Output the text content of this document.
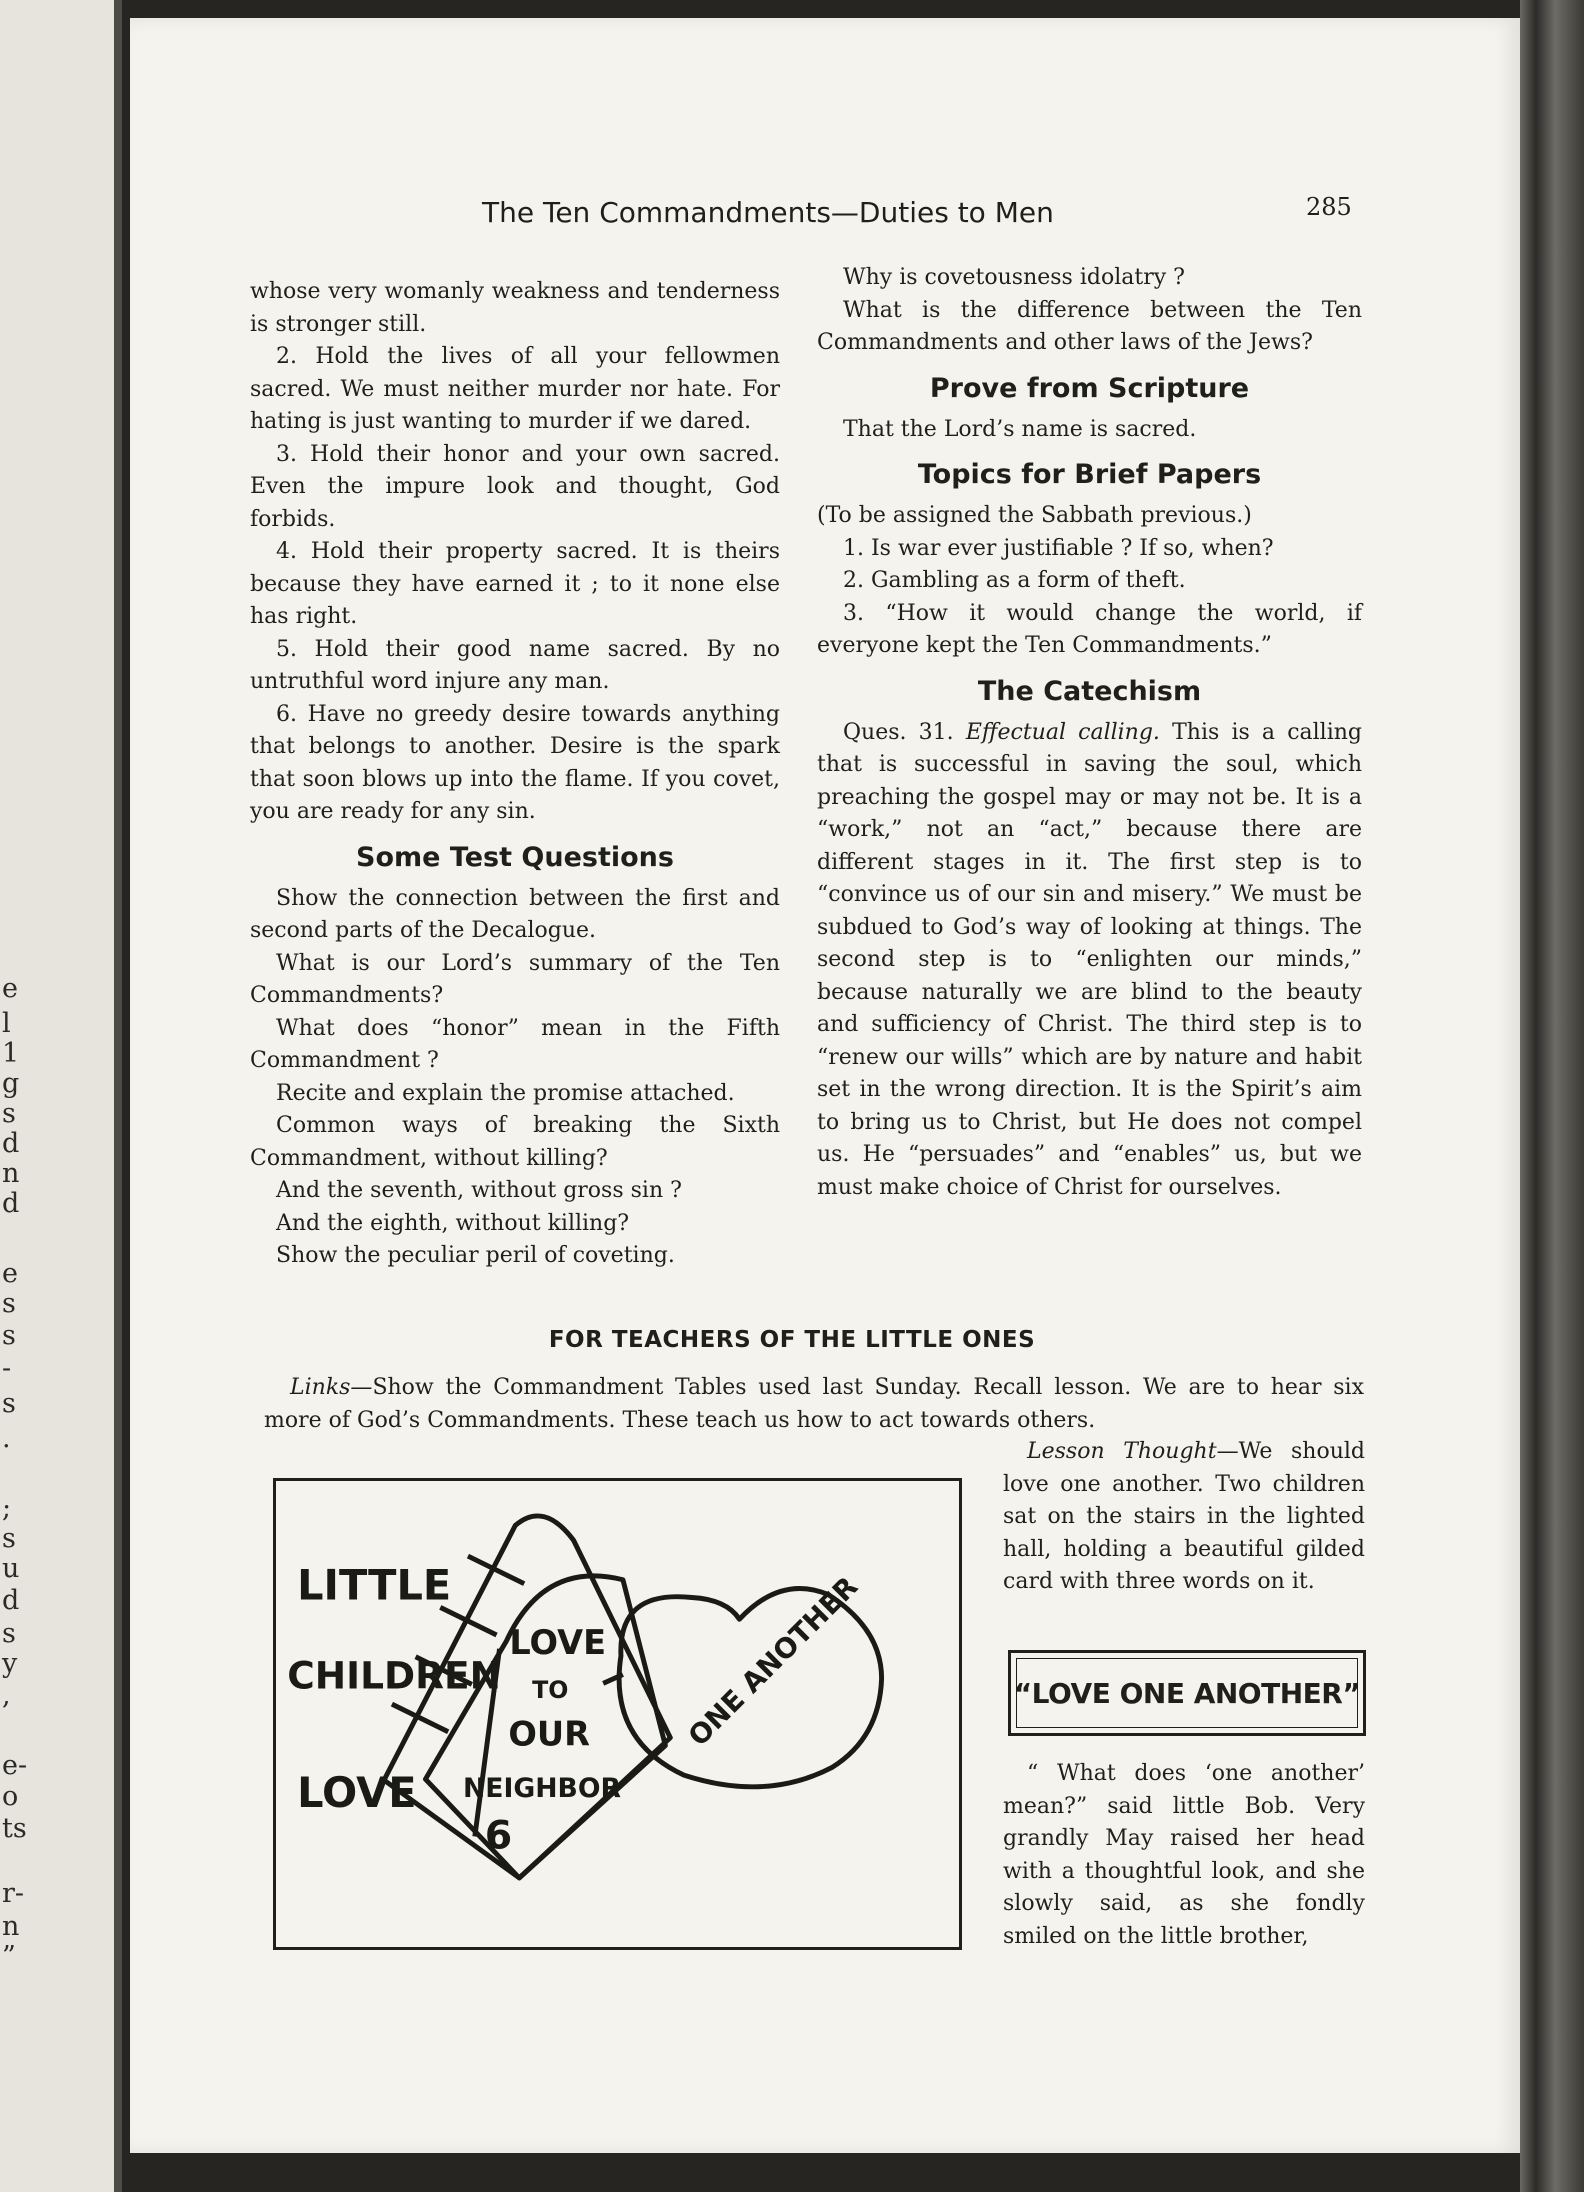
l
1
g
s
d
n
d
e
s
s
-
s
.
;
s
u
d
s
y
,
e-
o
ts
r-
n
”
e
The Ten Commandments—Duties to Men	285

whose very womanly weakness and tenderness is stronger still.

2. Hold the lives of all your fellowmen sacred. We must neither murder nor hate. For hating is just wanting to murder if we dared.

3. Hold their honor and your own sacred. Even the impure look and thought, God forbids.

4. Hold their property sacred. It is theirs because they have earned it ; to it none else has right.

5. Hold their good name sacred. By no untruthful word injure any man.

6. Have no greedy desire towards anything that belongs to another. Desire is the spark that soon blows up into the flame. If you covet, you are ready for any sin.

Some Test Questions

Show the connection between the first and second parts of the Decalogue.

What is our Lord’s summary of the Ten Commandments?

What does “honor” mean in the Fifth Commandment ?

Recite and explain the promise attached.

Common ways of breaking the Sixth Commandment, without killing?

And the seventh, without gross sin ?

And the eighth, without killing?

Show the peculiar peril of coveting.

Why is covetousness idolatry ?

What is the difference between the Ten Commandments and other laws of the Jews?

Prove from Scripture

That the Lord’s name is sacred.

Topics for Brief Papers

(To be assigned the Sabbath previous.)

1. Is war ever justifiable ? If so, when?

2. Gambling as a form of theft.

3. “How it would change the world, if everyone kept the Ten Commandments.”

The Catechism

Ques. 31. Effectual calling. This is a calling that is successful in saving the soul, which preaching the gospel may or may not be. It is a “work,” not an “act,” because there are different stages in it. The first step is to “convince us of our sin and misery.” We must be subdued to God’s way of looking at things. The second step is to “enlighten our minds,” because naturally we are blind to the beauty and sufficiency of Christ. The third step is to “renew our wills” which are by nature and habit set in the wrong direction. It is the Spirit’s aim to bring us to Christ, but He does not compel us. He “persuades” and “enables” us, but we must make choice of Christ for ourselves.

FOR TEACHERS OF THE LITTLE ONES

Links—Show the Commandment Tables used last Sunday. Recall lesson. We are to hear six more of God’s Commandments. These teach us how to act towards others.

Lesson Thought—We should love one another. Two children sat on the stairs in the lighted hall, holding a beautiful gilded card with three words on it.

“LOVE ONE ANOTHER”

“ What does ‘one another’ mean?” said little Bob. Very grandly May raised her head with a thoughtful look, and she slowly said, as she fondly smiled on the little brother,

LITTLE
CHILDREN
LOVE
LOVE
TO
OUR
NEIGHBOR
6
ONE ANOTHER
